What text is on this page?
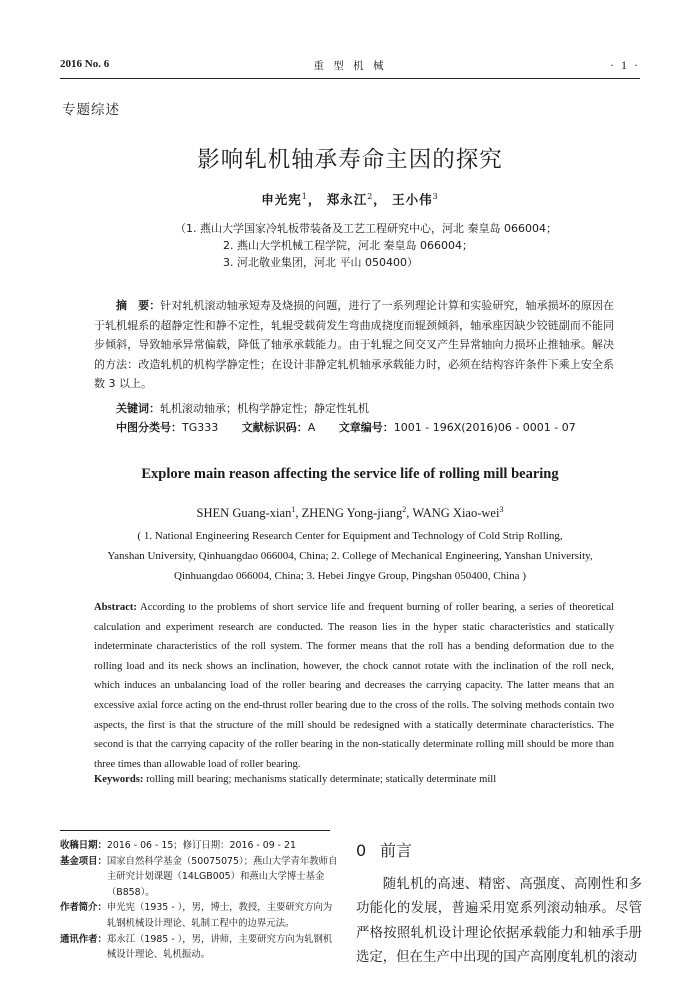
2016 No. 6	重 型 机 械	· 1 ·
专题综述
影响轧机轴承寿命主因的探究
申光宪$^1$， 郑永江$^2$， 王小伟$^3$
（1. 燕山大学国家冷轧板带装备及工艺工程研究中心，河北 秦皇岛 066004；
2. 燕山大学机械工程学院，河北 秦皇岛 066004；
3. 河北敬业集团，河北 平山 050400）
摘　要：针对轧机滚动轴承短寿及烧损的问题，进行了一系列理论计算和实验研究，轴承损坏的原因在于轧机辊系的超静定性和静不定性，轧辊受载荷发生弯曲成挠度而辊颈倾斜，轴承座因缺少铰链副而不能同步倾斜，导致轴承异常偏载，降低了轴承承载能力。由于轧辊之间交叉产生异常轴向力损坏止推轴承。解决的方法：改造轧机的机构学静定性；在设计非静定轧机轴承承载能力时，必须在结构容许条件下乘上安全系数 3 以上。
关键词：轧机滚动轴承；机构学静定性；静定性轧机
中图分类号：TG333 文献标识码：A 文章编号：1001 - 196X(2016)06 - 0001 - 07
Explore main reason affecting the service life of rolling mill bearing
SHEN Guang-xian$^1$, ZHENG Yong-jiang$^2$, WANG Xiao-wei$^3$
( 1. National Engineering Research Center for Equipment and Technology of Cold Strip Rolling,
Yanshan University, Qinhuangdao 066004, China; 2. College of Mechanical Engineering, Yanshan University,
Qinhuangdao 066004, China; 3. Hebei Jingye Group, Pingshan 050400, China )
Abstract: According to the problems of short service life and frequent burning of roller bearing, a series of theoretical calculation and experiment research are conducted. The reason lies in the hyper static characteristics and statically indeterminate characteristics of the roll system. The former means that the roll has a bending deformation due to the rolling load and its neck shows an inclination, however, the chock cannot rotate with the inclination of the roll neck, which induces an unbalancing load of the roller bearing and decreases the carrying capacity. The latter means that an excessive axial force acting on the end-thrust roller bearing due to the cross of the rolls. The solving methods contain two aspects, the first is that the structure of the mill should be redesigned with a statically determinate characteristics. The second is that the carrying capacity of the roller bearing in the non-statically determinate rolling mill should be more than three times than allowable load of roller bearing.
Keywords: rolling mill bearing; mechanisms statically determinate; statically determinate mill
收稿日期： 2016 - 06 - 15；修订日期：2016 - 09 - 21
基金项目： 国家自然科学基金（50075075）；燕山大学青年教师自主研究计划课题（14LGB005）和燕山大学博士基金（B858）。
作者简介： 申光宪（1935 - ），男，博士，教授，主要研究方向为轧钢机械设计理论、轧制工程中的边界元法。
通讯作者： 郑永江（1985 - ），男，讲师，主要研究方向为轧钢机械设计理论、轧机振动。
0 前言
随轧机的高速、精密、高强度、高刚性和多功能化的发展，普遍采用宽系列滚动轴承。尽管严格按照轧机设计理论依据承载能力和轴承手册选定，但在生产中出现的国产高刚度轧机的滚动
